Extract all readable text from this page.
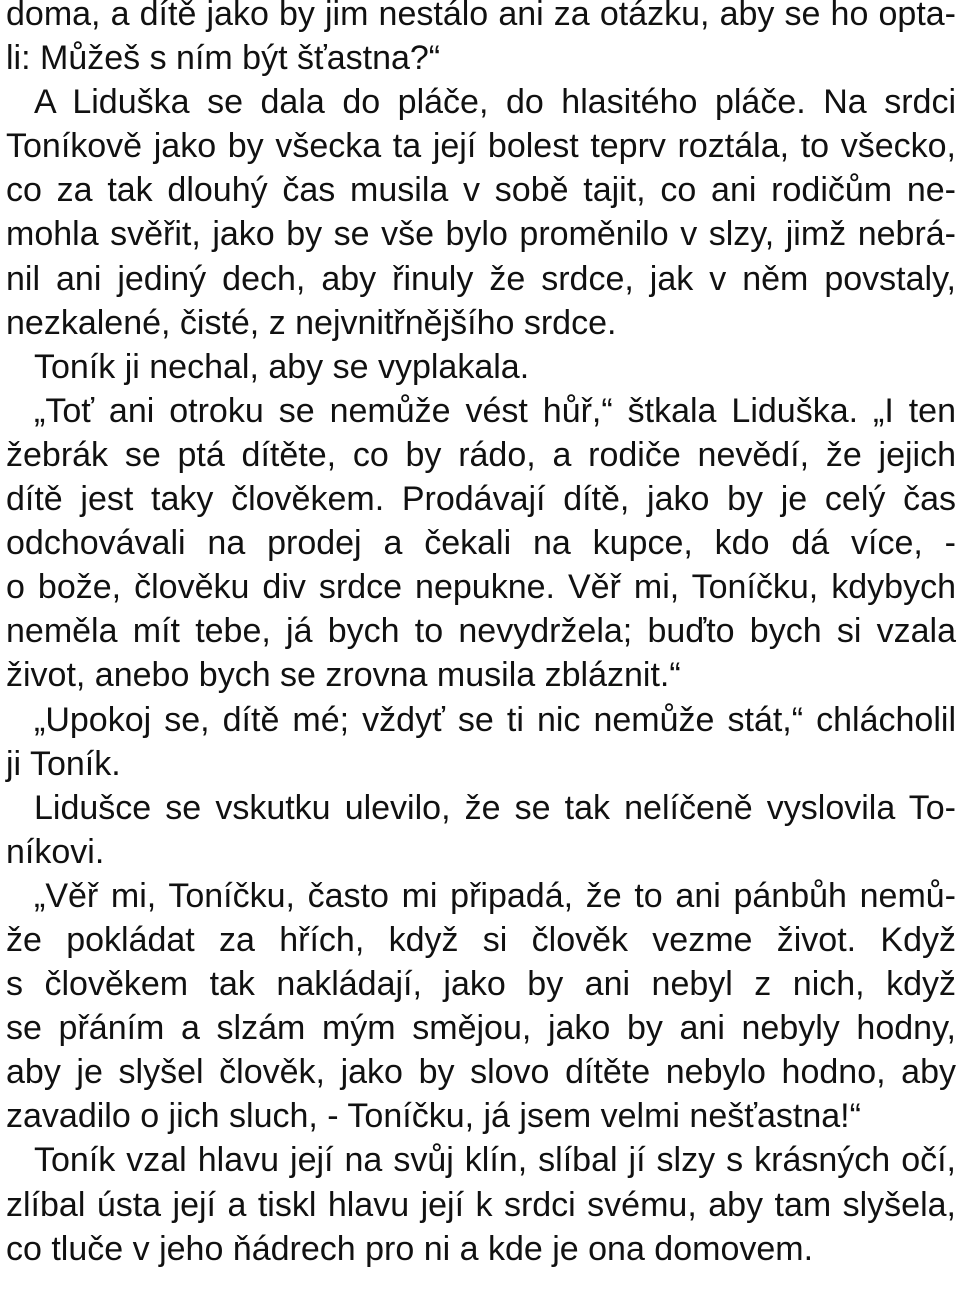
doma, a dítě jako by jim nestálo ani za otázku, aby se ho opta-
li: Můžeš s ním být šťastna?“
A Liduška se dala do pláče, do hlasitého pláče. Na srdci
Toníkově jako by všecka ta její bolest teprv roztála, to všecko,
co za tak dlouhý čas musila v sobě tajit, co ani rodičům ne-
mohla svěřit, jako by se vše bylo proměnilo v slzy, jimž nebrá-
nil ani jediný dech, aby řinuly že srdce, jak v něm povstaly,
nezkalené, čisté, z nejvnitřnějšího srdce.
Toník ji nechal, aby se vyplakala.
„Toť ani otroku se nemůže vést hůř,“ štkala Liduška. „I ten
žebrák se ptá dítěte, co by rádo, a rodiče nevědí, že jejich
dítě jest taky člověkem. Prodávají dítě, jako by je celý čas
odchovávali na prodej a čekali na kupce, kdo dá více, -
o bože, člověku div srdce nepukne. Věř mi, Toníčku, kdybych
neměla mít tebe, já bych to nevydržela; buďto bych si vzala
život, anebo bych se zrovna musila zbláznit.“
„Upokoj se, dítě mé; vždyť se ti nic nemůže stát,“ chlácholil
ji Toník.
Lidušce se vskutku ulevilo, že se tak nelíčeně vyslovila To-
níkovi.
„Věř mi, Toníčku, často mi připadá, že to ani pánbůh nemů-
že pokládat za hřích, když si člověk vezme život. Když
s člověkem tak nakládají, jako by ani nebyl z nich, když
se přáním a slzám mým smějou, jako by ani nebyly hodny,
aby je slyšel člověk, jako by slovo dítěte nebylo hodno, aby
zavadilo o jich sluch, - Toníčku, já jsem velmi nešťastna!“
Toník vzal hlavu její na svůj klín, slíbal jí slzy s krásných očí,
zlíbal ústa její a tiskl hlavu její k srdci svému, aby tam slyšela,
co tluče v jeho ňádrech pro ni a kde je ona domovem.
